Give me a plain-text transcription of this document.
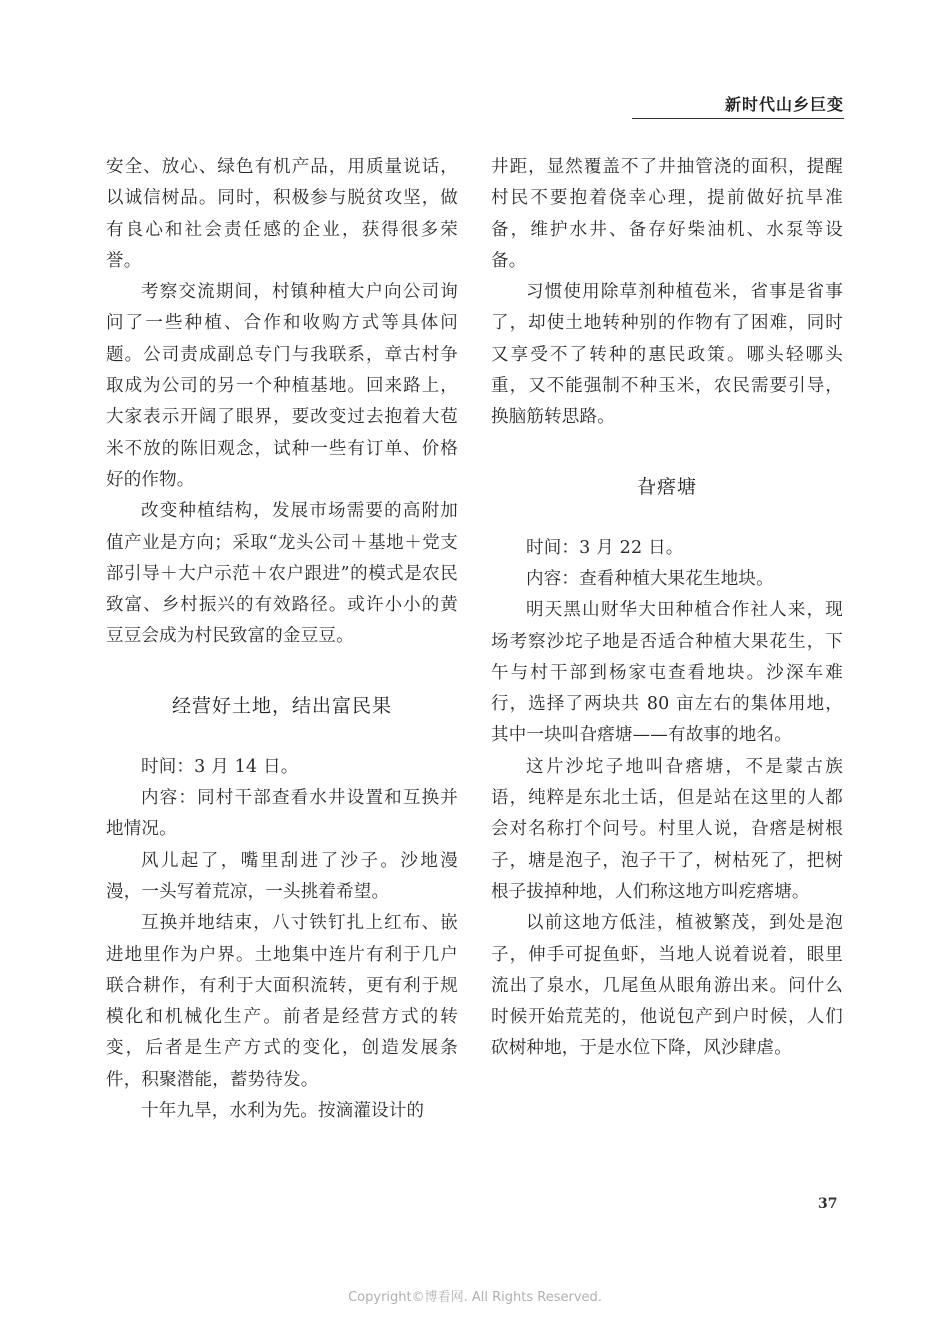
新时代山乡巨变

安全、放心、绿色有机产品，用质量说话，以诚信树品。同时，积极参与脱贫攻坚，做有良心和社会责任感的企业，获得很多荣誉。

考察交流期间，村镇种植大户向公司询问了一些种植、合作和收购方式等具体问题。公司责成副总专门与我联系，章古村争取成为公司的另一个种植基地。回来路上，大家表示开阔了眼界，要改变过去抱着大苞米不放的陈旧观念，试种一些有订单、价格好的作物。

改变种植结构，发展市场需要的高附加值产业是方向；采取“龙头公司＋基地＋党支部引导＋大户示范＋农户跟进”的模式是农民致富、乡村振兴的有效路径。或许小小的黄豆豆会成为村民致富的金豆豆。

经营好土地，结出富民果

时间：3 月 14 日。

内容：同村干部查看水井设置和互换并地情况。

风儿起了，嘴里刮进了沙子。沙地漫漫，一头写着荒凉，一头挑着希望。

互换并地结束，八寸铁钉扎上红布、嵌进地里作为户界。土地集中连片有利于几户联合耕作，有利于大面积流转，更有利于规模化和机械化生产。前者是经营方式的转变，后者是生产方式的变化，创造发展条件，积聚潜能，蓄势待发。

十年九旱，水利为先。按滴灌设计的

井距，显然覆盖不了井抽管浇的面积，提醒村民不要抱着侥幸心理，提前做好抗旱准备，维护水井、备存好柴油机、水泵等设备。

习惯使用除草剂种植苞米，省事是省事了，却使土地转种别的作物有了困难，同时又享受不了转种的惠民政策。哪头轻哪头重，又不能强制不种玉米，农民需要引导，换脑筋转思路。

旮瘩塘

时间：3 月 22 日。

内容：查看种植大果花生地块。

明天黑山财华大田种植合作社人来，现场考察沙坨子地是否适合种植大果花生，下午与村干部到杨家屯查看地块。沙深车难行，选择了两块共 80 亩左右的集体用地，其中一块叫旮瘩塘——有故事的地名。

这片沙坨子地叫旮瘩塘，不是蒙古族语，纯粹是东北土话，但是站在这里的人都会对名称打个问号。村里人说，旮瘩是树根子，塘是泡子，泡子干了，树枯死了，把树根子拔掉种地，人们称这地方叫疙瘩塘。

以前这地方低洼，植被繁茂，到处是泡子，伸手可捉鱼虾，当地人说着说着，眼里流出了泉水，几尾鱼从眼角游出来。问什么时候开始荒芜的，他说包产到户时候，人们砍树种地，于是水位下降，风沙肆虐。

37
Copyright©博看网. All Rights Reserved.
